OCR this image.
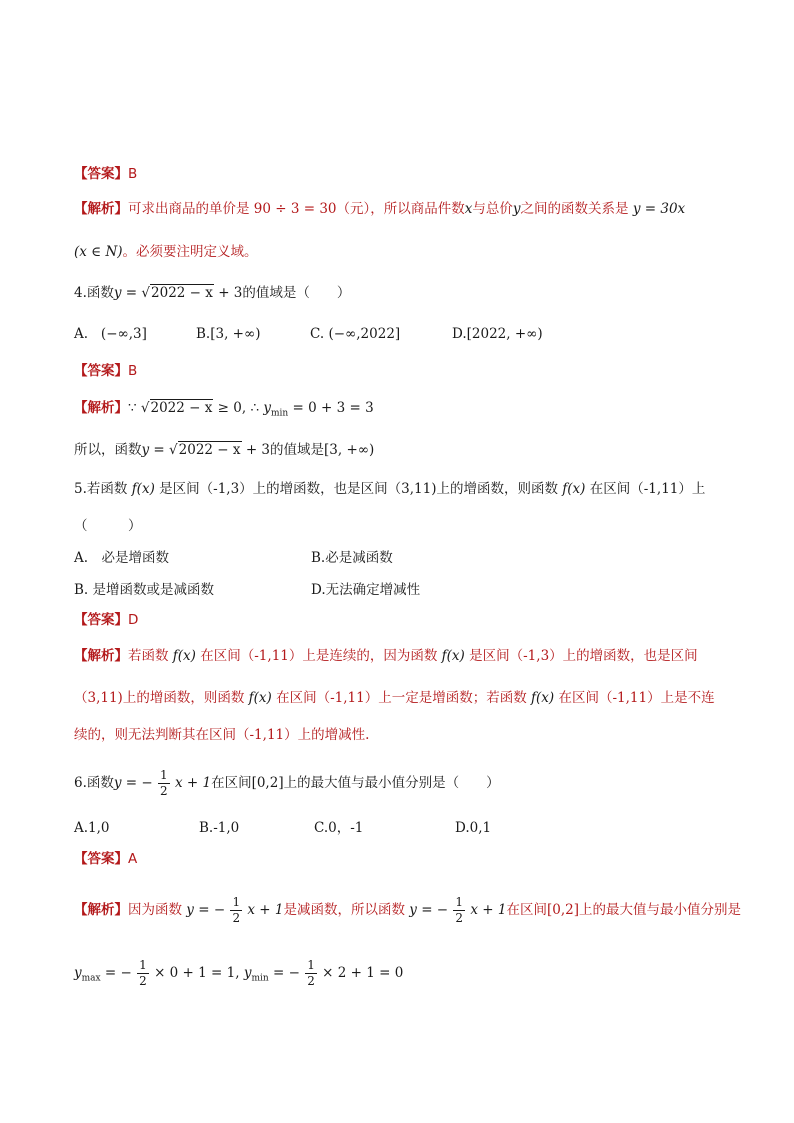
【答案】B
【解析】可求出商品的单价是 90 ÷ 3 = 30（元），所以商品件数x与总价y之间的函数关系是 y = 30x
(x ∈ N)。必须要注明定义域。
4.函数y = √2022 − x + 3的值域是（　　）
A. (−∞,3]	B.[3, +∞)	C. (−∞,2022]	D.[2022, +∞)
【答案】B
【解析】∵ √2022 − x ≥ 0, ∴ $y_{min} = 0 + 3 = 3$
所以，函数y = √2022 − x + 3的值域是[3, +∞)
5.若函数 f(x) 是区间（-1,3）上的增函数，也是区间（3,11)上的增函数，则函数 f(x) 在区间（-1,11）上
（　　　）
A.　必是增函数	B.必是减函数
B. 是增函数或是减函数	D.无法确定增减性
【答案】D
【解析】若函数 f(x) 在区间（-1,11）上是连续的，因为函数 f(x) 是区间（-1,3）上的增函数，也是区间
（3,11)上的增函数，则函数 f(x) 在区间（-1,11）上一定是增函数；若函数 f(x) 在区间（-1,11）上是不连
续的，则无法判断其在区间（-1,11）上的增减性.
6.函数y = − $\frac{1}{2}$ x + 1在区间[0,2]上的最大值与最小值分别是（　　）
A.1,0	B.-1,0	C.0，-1	D.0,1
【答案】A
【解析】因为函数 y = − $\frac{1}{2}$ x + 1是减函数，所以函数 y = − $\frac{1}{2}$ x + 1在区间[0,2]上的最大值与最小值分别是
$y_{max}$ = − $\frac{1}{2} \times 0 + 1 = 1$, $y_{min}$ = − $\frac{1}{2} \times 2 + 1 = 0$
